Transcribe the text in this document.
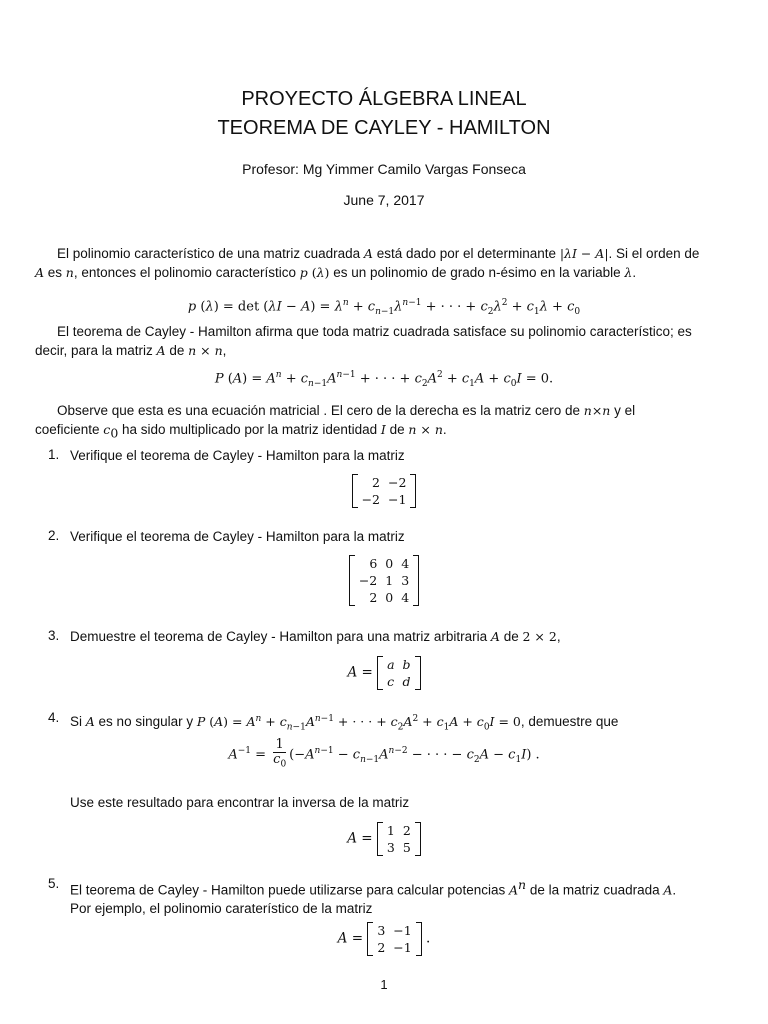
PROYECTO ÁLGEBRA LINEAL
TEOREMA DE CAYLEY - HAMILTON
Profesor: Mg Yimmer Camilo Vargas Fonseca
June 7, 2017
El polinomio característico de una matriz cuadrada A está dado por el determinante |λI − A|. Si el orden de A es n, entonces el polinomio característico p (λ) es un polinomio de grado n-ésimo en la variable λ.
p $(\lambda) = \det (\lambda I - A) = \lambda^n + c_{n-1}\lambda^{n-1}$ + · · · + $c_2\lambda^2 + c_1\lambda + c_0$
El teorema de Cayley - Hamilton afirma que toda matriz cuadrada satisface su polinomio característico; es decir, para la matriz A de n × n,
P $(A) = A^n + c_{n-1}A^{n-1}$ + · · · + $c_2A^2 + c_1A + c_0I = 0$.
Observe que esta es una ecuación matricial . El cero de la derecha es la matriz cero de n×n y el coeficiente $c_0$ ha sido multiplicado por la matriz identidad I de n × n.
1. Verifique el teorema de Cayley - Hamilton para la matriz
2	−2
−2	−1
2. Verifique el teorema de Cayley - Hamilton para la matriz
6	0	4
−2	1	3
2	0	4
3. Demuestre el teorema de Cayley - Hamilton para una matriz arbitraria A de 2 × 2,
A = a	b
c	d
4. Si A es no singular y P $(A) = A^n + c_{n-1}A^{n-1}$ + · · · + $c_2A^2 + c_1A + c_0I = 0$, demuestre que
$A^{-1} = \frac{1}{c_0} (-A^{n-1} - c_{n-1}A^{n-2}$ − · · · − $c_2A - c_1I$) .
Use este resultado para encontrar la inversa de la matriz
A = 1	2
3	5
5. El teorema de Cayley - Hamilton puede utilizarse para calcular potencias $A^n$ de la matriz cuadrada A.
Por ejemplo, el polinomio caraterístico de la matriz
A = 3	−1
2	−1
.
1
